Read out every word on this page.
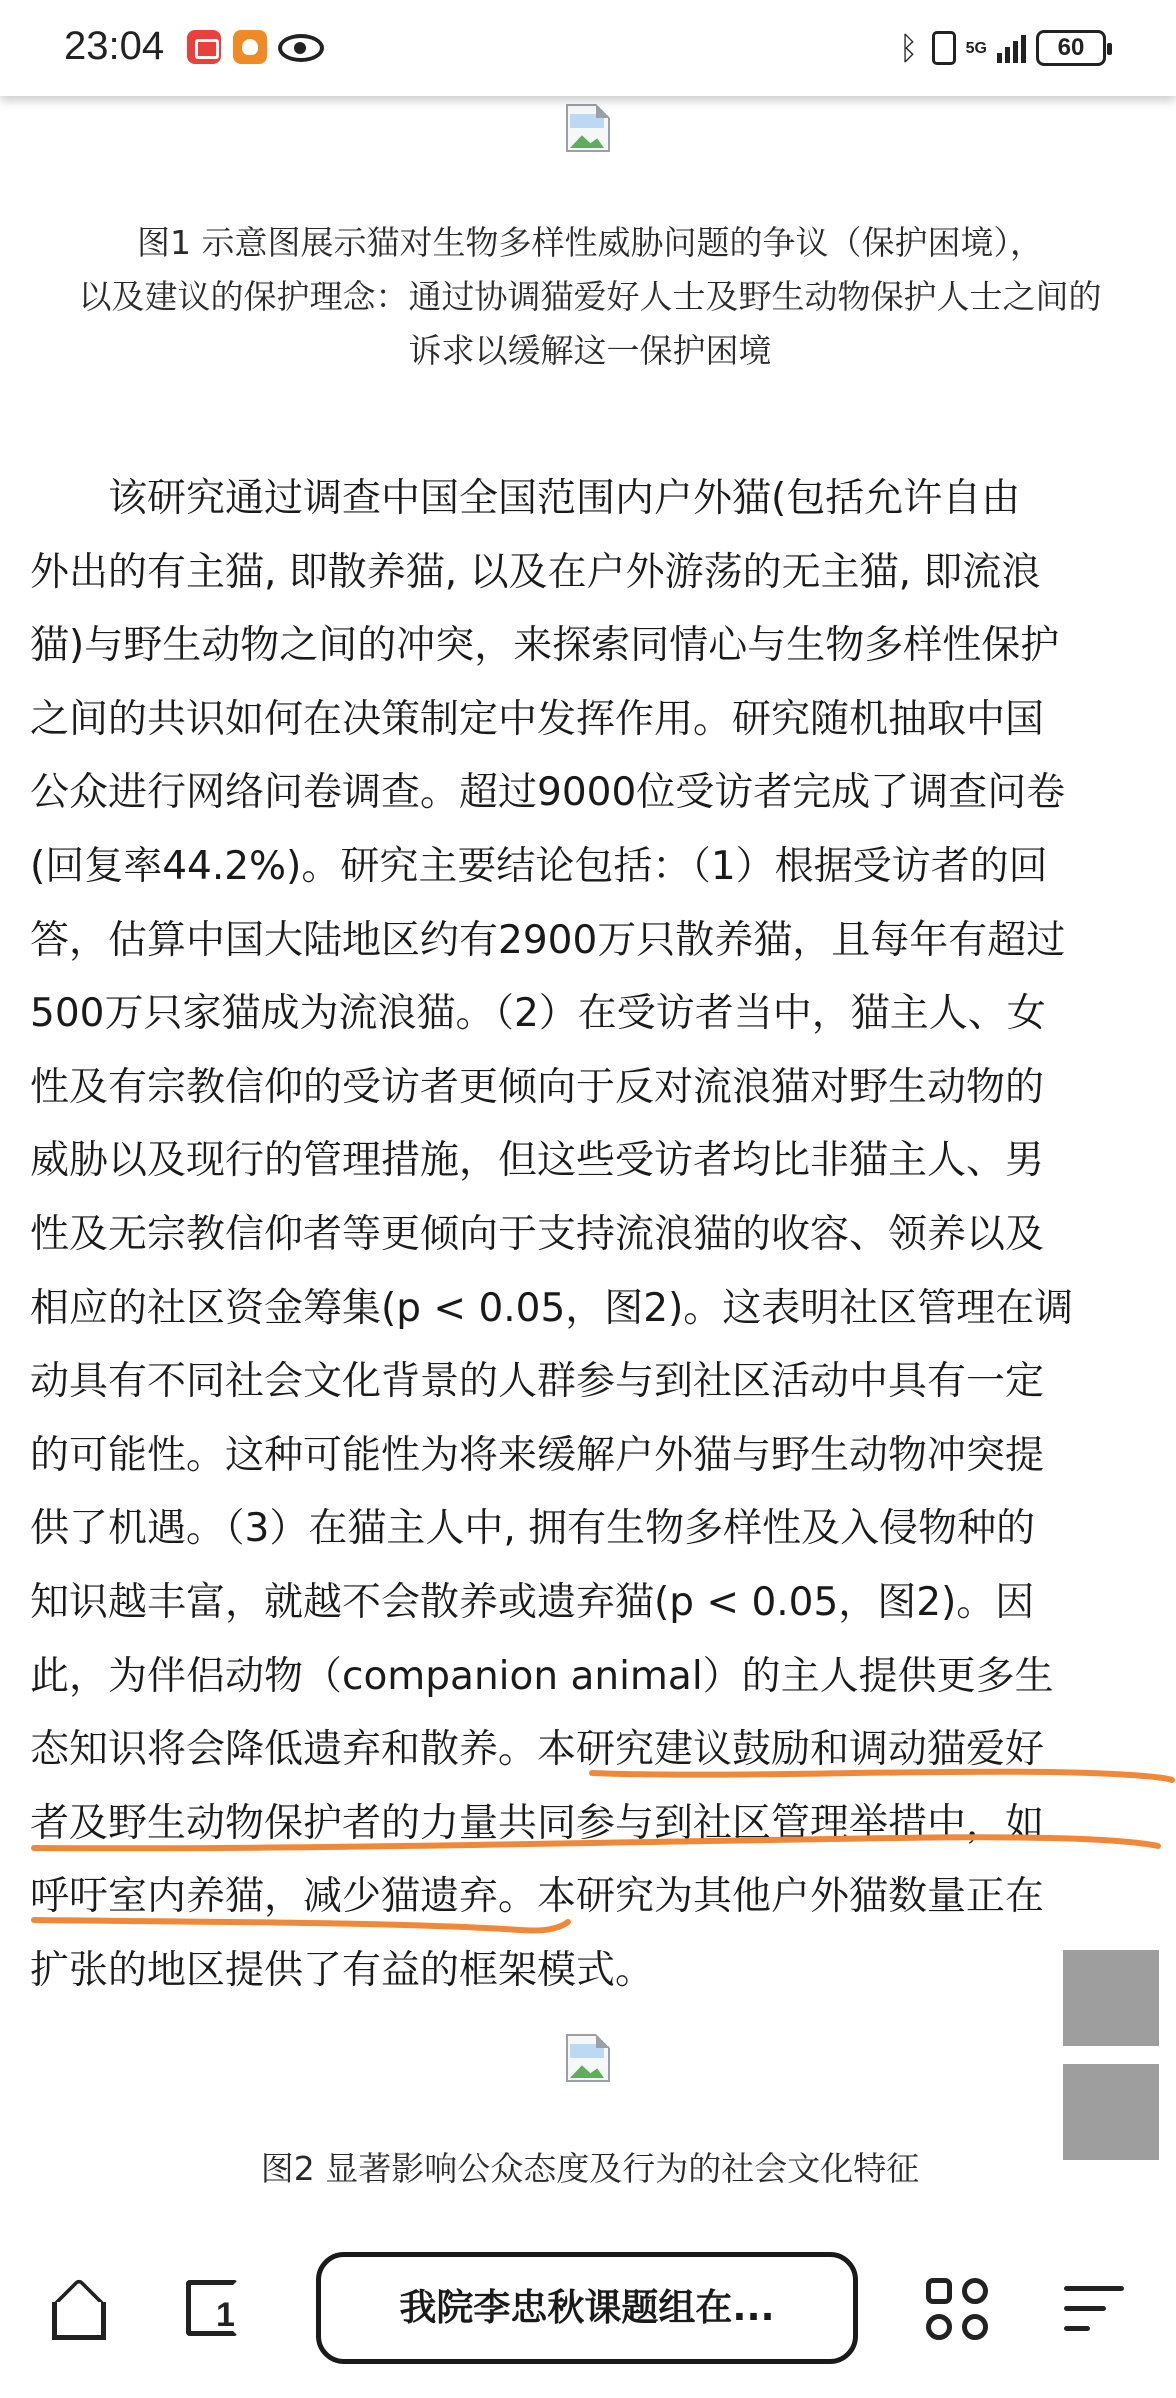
23:04	ᛒ	5G	60
图1 示意图展示猫对生物多样性威胁问题的争议（保护困境），
以及建议的保护理念：通过协调猫爱好人士及野生动物保护人士之间的
诉求以缓解这一保护困境
　　该研究通过调查中国全国范围内户外猫(包括允许自由
外出的有主猫, 即散养猫, 以及在户外游荡的无主猫, 即流浪
猫)与野生动物之间的冲突，来探索同情心与生物多样性保护
之间的共识如何在决策制定中发挥作用。研究随机抽取中国
公众进行网络问卷调查。超过9000位受访者完成了调查问卷
(回复率44.2%)。研究主要结论包括：（1）根据受访者的回
答，估算中国大陆地区约有2900万只散养猫，且每年有超过
500万只家猫成为流浪猫。（2）在受访者当中，猫主人、女
性及有宗教信仰的受访者更倾向于反对流浪猫对野生动物的
威胁以及现行的管理措施，但这些受访者均比非猫主人、男
性及无宗教信仰者等更倾向于支持流浪猫的收容、领养以及
相应的社区资金筹集(p < 0.05，图2)。这表明社区管理在调
动具有不同社会文化背景的人群参与到社区活动中具有一定
的可能性。这种可能性为将来缓解户外猫与野生动物冲突提
供了机遇。（3）在猫主人中, 拥有生物多样性及入侵物种的
知识越丰富，就越不会散养或遗弃猫(p < 0.05，图2)。因
此，为伴侣动物（companion animal）的主人提供更多生
态知识将会降低遗弃和散养。本研究建议鼓励和调动猫爱好
者及野生动物保护者的力量共同参与到社区管理举措中，如
呼吁室内养猫，减少猫遗弃。本研究为其他户外猫数量正在
扩张的地区提供了有益的框架模式。
图2 显著影响公众态度及行为的社会文化特征
1	我院李忠秋课题组在...
